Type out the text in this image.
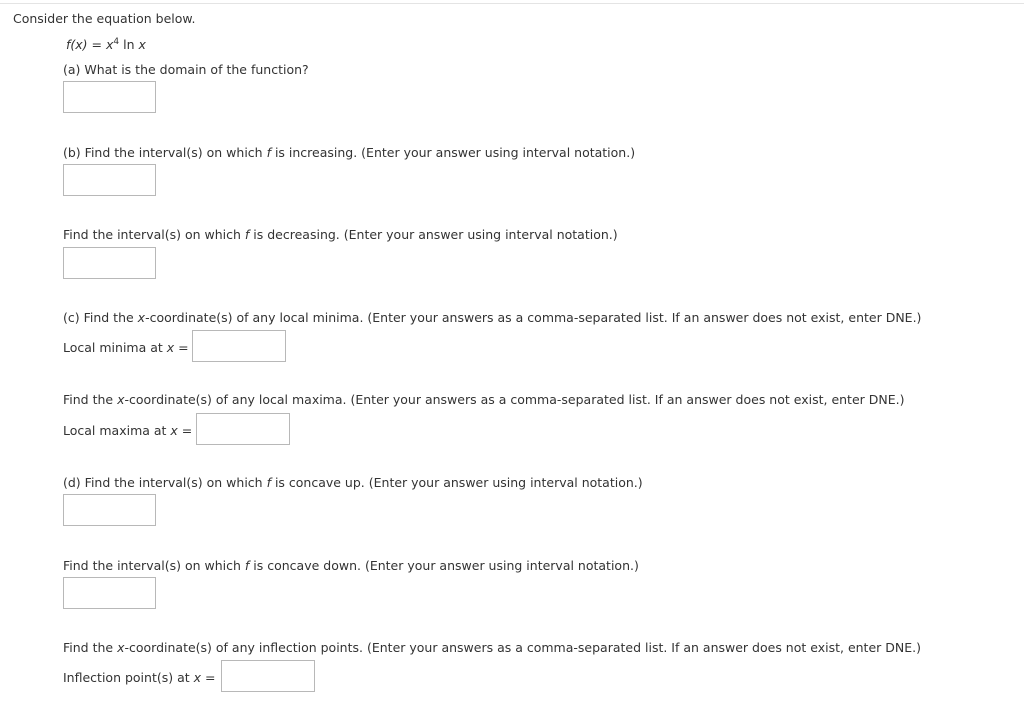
Consider the equation below.
$f(x) = x^4$ ln x
(a) What is the domain of the function?
(b) Find the interval(s) on which f is increasing. (Enter your answer using interval notation.)
Find the interval(s) on which f is decreasing. (Enter your answer using interval notation.)
(c) Find the x-coordinate(s) of any local minima. (Enter your answers as a comma-separated list. If an answer does not exist, enter DNE.)
Local minima at x =
Find the x-coordinate(s) of any local maxima. (Enter your answers as a comma-separated list. If an answer does not exist, enter DNE.)
Local maxima at x =
(d) Find the interval(s) on which f is concave up. (Enter your answer using interval notation.)
Find the interval(s) on which f is concave down. (Enter your answer using interval notation.)
Find the x-coordinate(s) of any inflection points. (Enter your answers as a comma-separated list. If an answer does not exist, enter DNE.)
Inflection point(s) at x =
